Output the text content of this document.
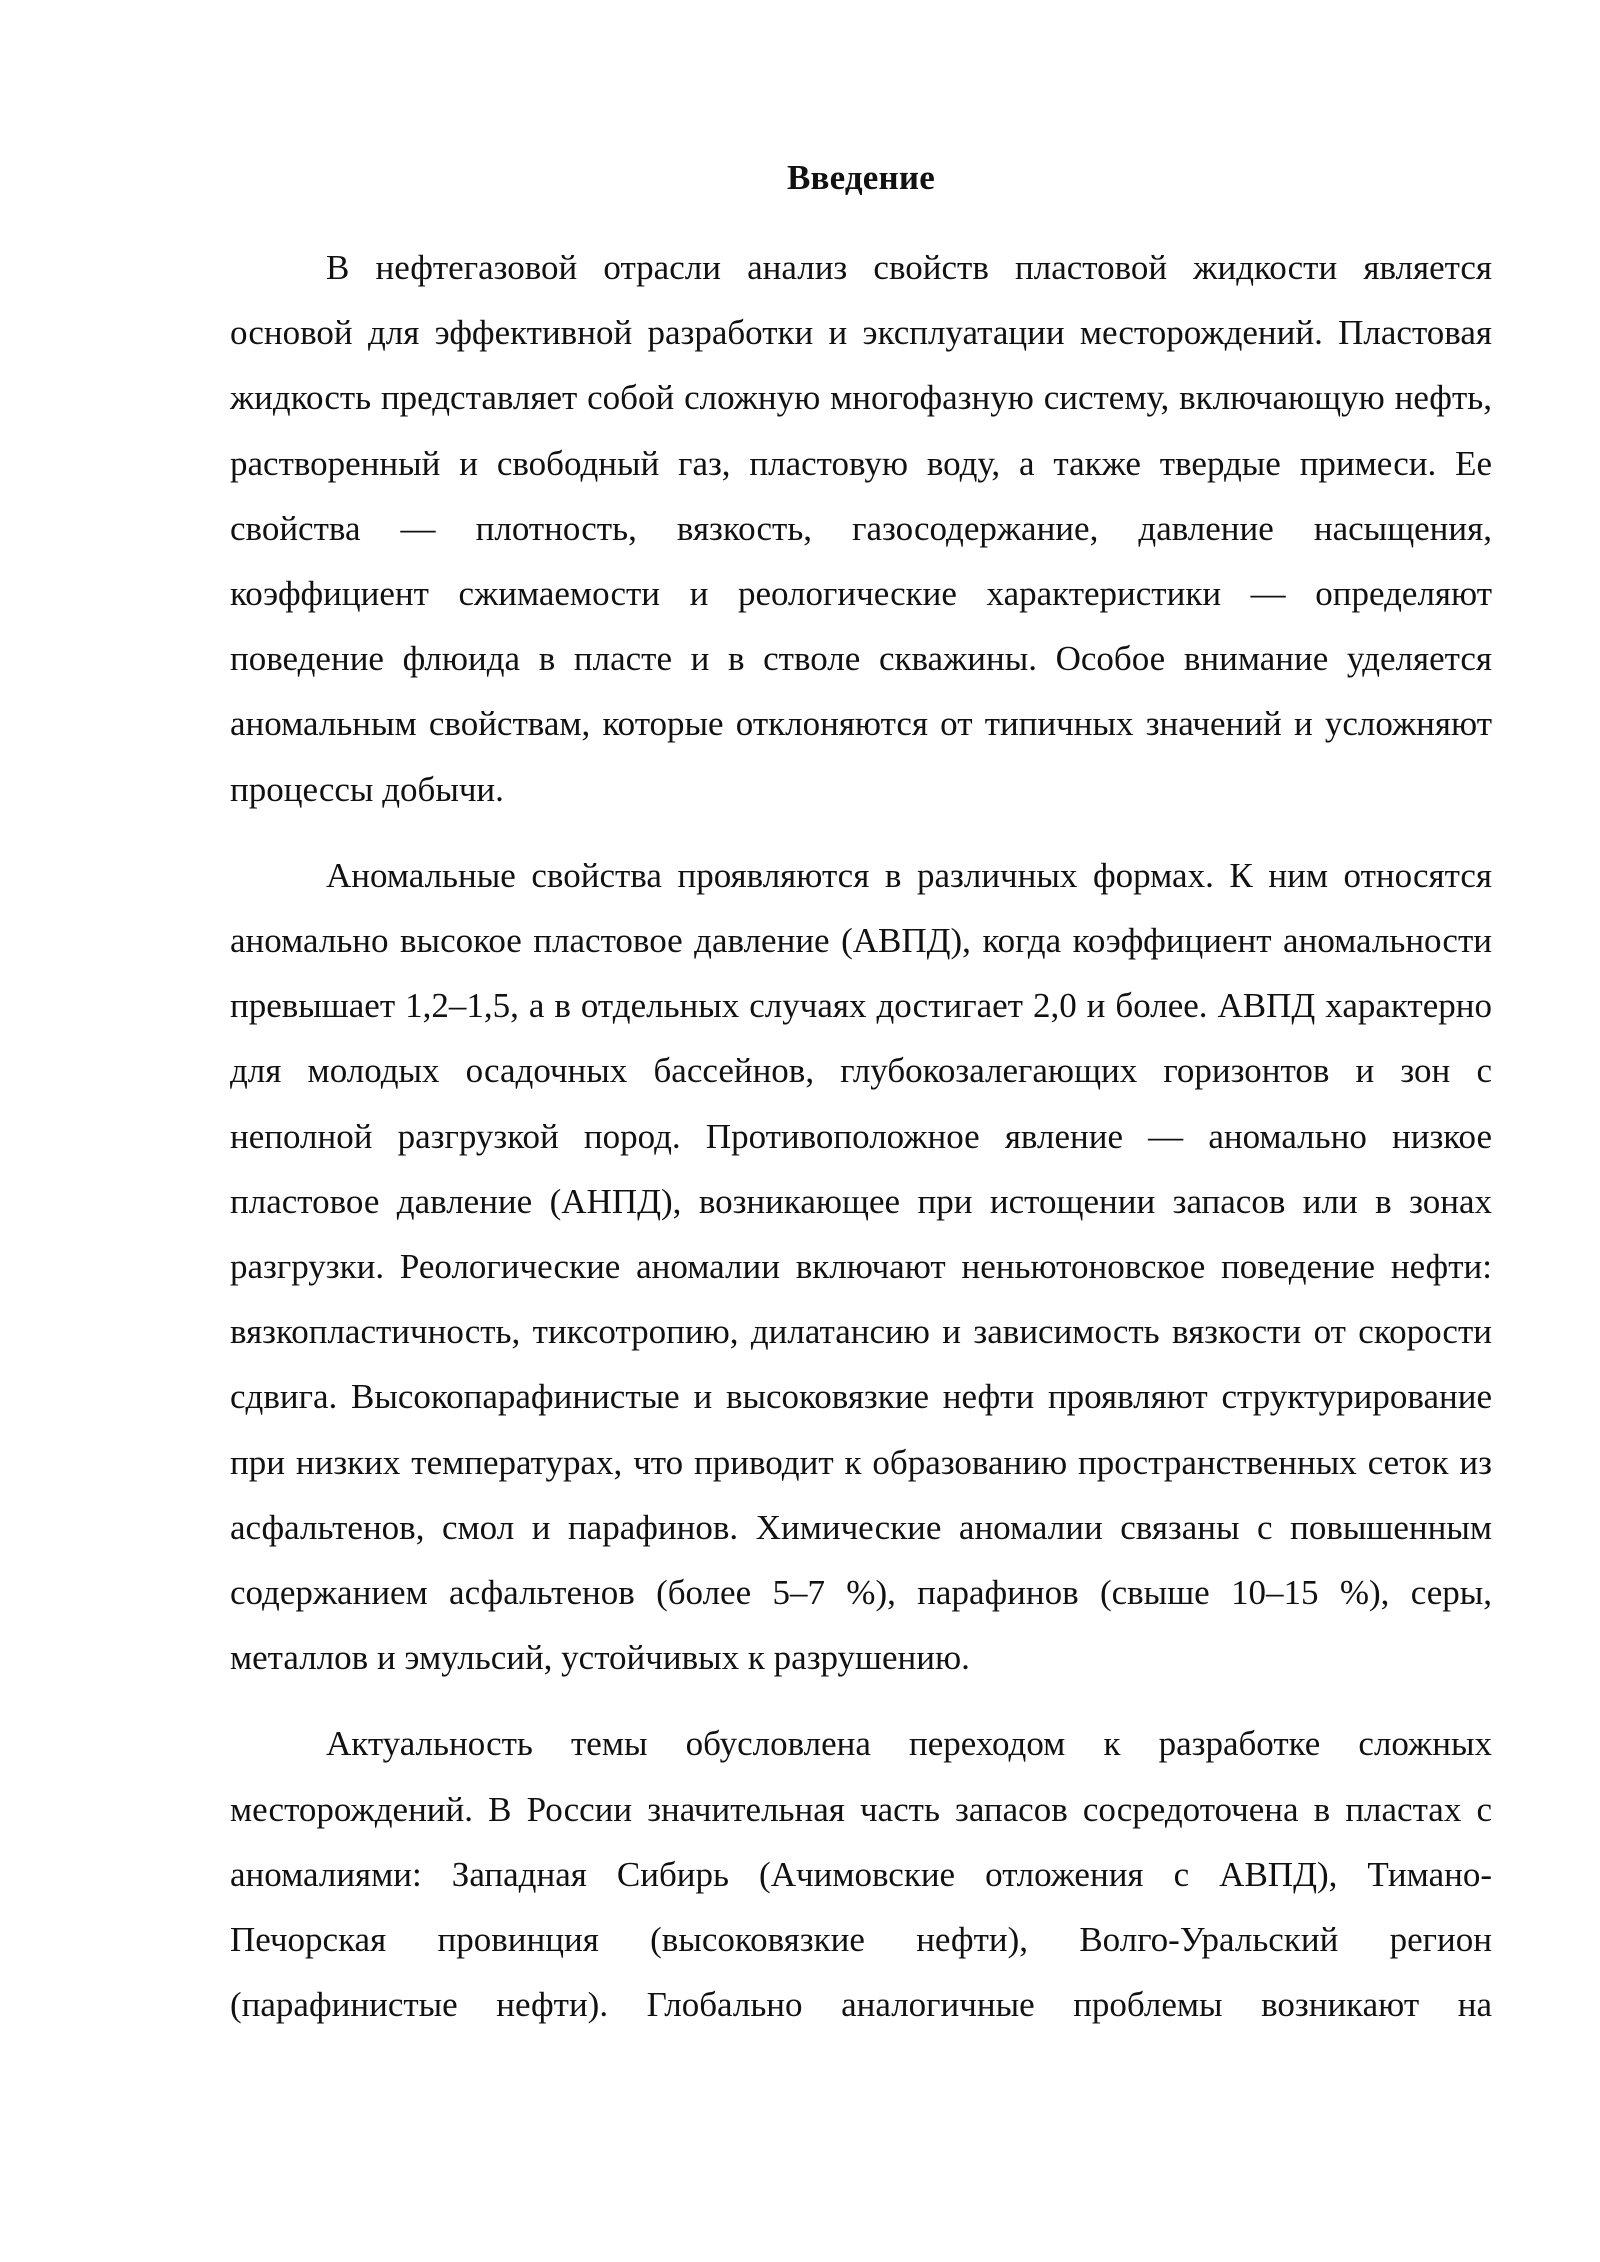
Введение

В нефтегазовой отрасли анализ свойств пластовой жидкости является основой для эффективной разработки и эксплуатации месторождений. Пластовая жидкость представляет собой сложную многофазную систему, включающую нефть, растворенный и свободный газ, пластовую воду, а также твердые примеси. Ее свойства — плотность, вязкость, газосодержание, давление насыщения, коэффициент сжимаемости и реологические характеристики — определяют поведение флюида в пласте и в стволе скважины. Особое внимание уделяется аномальным свойствам, которые отклоняются от типичных значений и усложняют процессы добычи.

Аномальные свойства проявляются в различных формах. К ним относятся аномально высокое пластовое давление (АВПД), когда коэффициент аномальности превышает 1,2–1,5, а в отдельных случаях достигает 2,0 и более. АВПД характерно для молодых осадочных бассейнов, глубокозалегающих горизонтов и зон с неполной разгрузкой пород. Противоположное явление — аномально низкое пластовое давление (АНПД), возникающее при истощении запасов или в зонах разгрузки. Реологические аномалии включают неньютоновское поведение нефти: вязкопластичность, тиксотропию, дилатансию и зависимость вязкости от скорости сдвига. Высокопарафинистые и высоковязкие нефти проявляют структурирование при низких температурах, что приводит к образованию пространственных сеток из асфальтенов, смол и парафинов. Химические аномалии связаны с повышенным содержанием асфальтенов (более 5–7 %), парафинов (свыше 10–15 %), серы, металлов и эмульсий, устойчивых к разрушению.

Актуальность темы обусловлена переходом к разработке сложных месторождений. В России значительная часть запасов сосредоточена в пластах с аномалиями: Западная Сибирь (Ачимовские отложения с АВПД), Тимано-Печорская провинция (высоковязкие нефти), Волго-Уральский регион (парафинистые нефти). Глобально аналогичные проблемы возникают на
